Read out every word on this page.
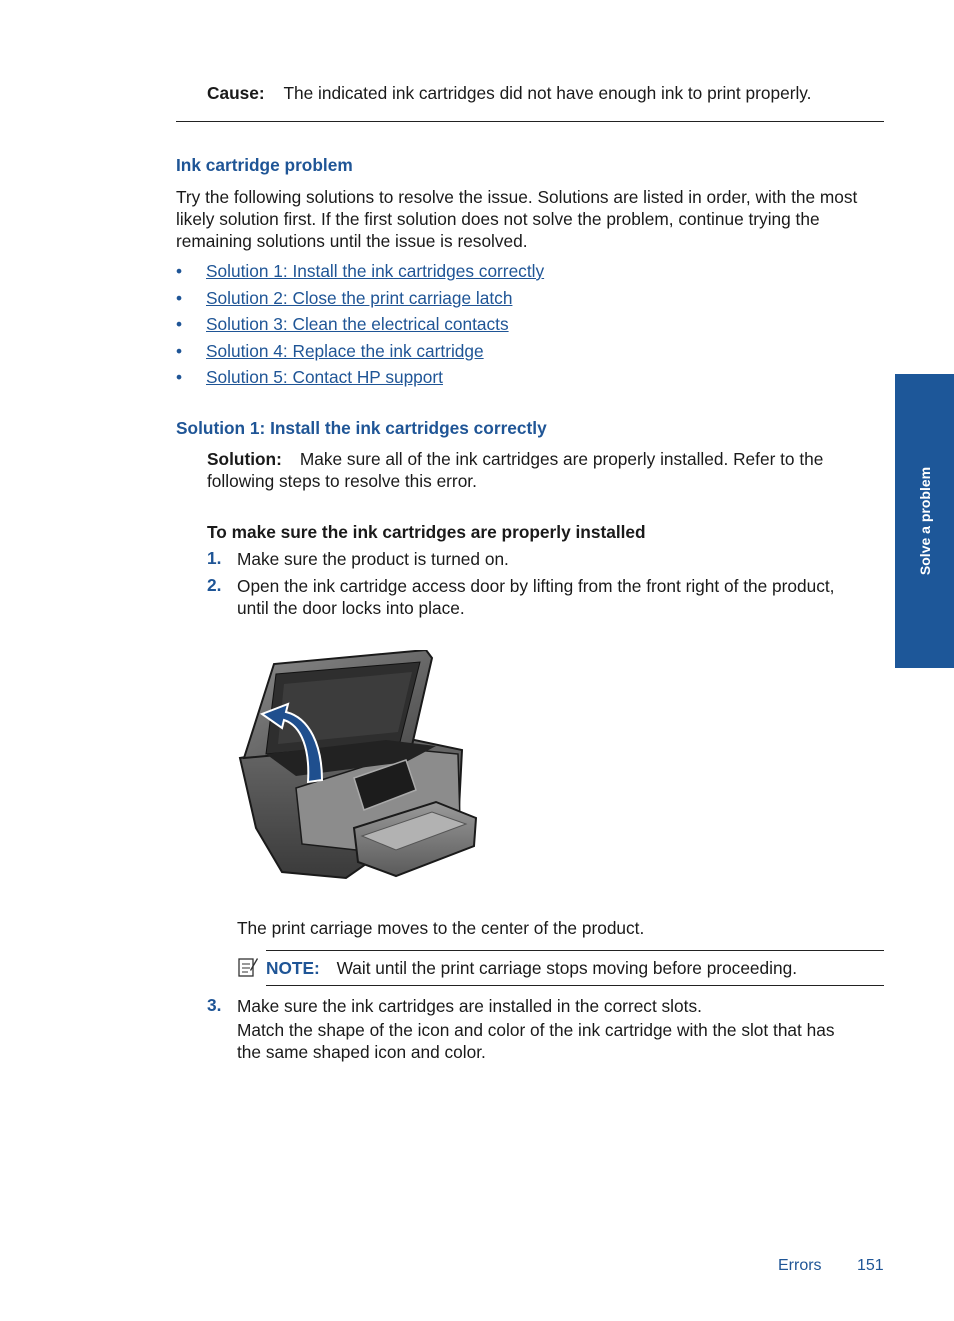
Cause: The indicated ink cartridges did not have enough ink to print properly.
Ink cartridge problem

Try the following solutions to resolve the issue. Solutions are listed in order, with the most

likely solution first. If the first solution does not solve the problem, continue trying the

remaining solutions until the issue is resolved.

• Solution 1: Install the ink cartridges correctly
• Solution 2: Close the print carriage latch
• Solution 3: Clean the electrical contacts
• Solution 4: Replace the ink cartridge
• Solution 5: Contact HP support
Solution 1: Install the ink cartridges correctly

Solution: Make sure all of the ink cartridges are properly installed. Refer to the

following steps to resolve this error.

To make sure the ink cartridges are properly installed
1. Make sure the product is turned on.
2. Open the ink cartridge access door by lifting from the front right of the product,

until the door locks into place.

The print carriage moves to the center of the product.
NOTE: Wait until the print carriage stops moving before proceeding.
3. Make sure the ink cartridges are installed in the correct slots.

Match the shape of the icon and color of the ink cartridge with the slot that has

the same shaped icon and color.

Solve a problem
Errors 151
